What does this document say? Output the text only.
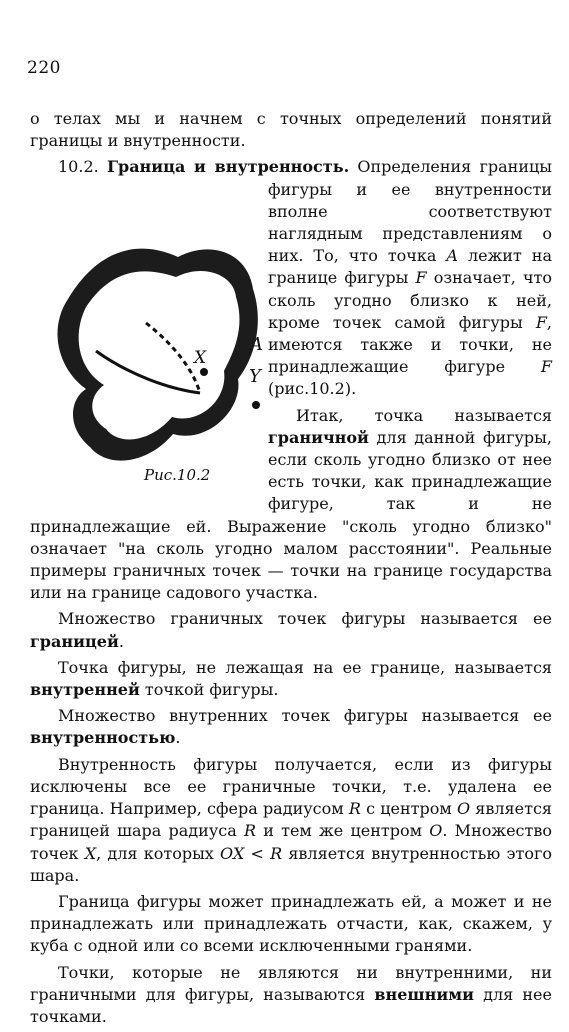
220

о телах мы и начнем с точных определений понятий границы и внутренности.

10.2. Граница и внутренность.
X
A
Y
F
Рис.10.2
Определения границы фигуры и ее внутренности вполне соответствуют наглядным представлениям о них. То, что точка A лежит на границе фигуры F означает, что сколь угодно близко к ней, кроме точек самой фигуры F, имеются также и точки, не принадлежащие фигуре F (рис.10.2).

Итак, точка называется граничной для данной фигуры, если сколь угодно близко от нее есть точки, как принадлежащие фигуре, так и не принадлежащие ей. Выражение "сколь угодно близко" означает "на сколь угодно малом расстоянии". Реальные примеры граничных точек — точки на границе государства или на границе садового участка.

Множество граничных точек фигуры называется ее границей.

Точка фигуры, не лежащая на ее границе, называется внутренней точкой фигуры.

Множество внутренних точек фигуры называется ее внутренностью.

Внутренность фигуры получается, если из фигуры исключены все ее граничные точки, т.е. удалена ее граница. Например, сфера радиусом R с центром O является границей шара радиуса R и тем же центром O. Множество точек X, для которых OX < R является внутренностью этого шара.

Граница фигуры может принадлежать ей, а может и не принадлежать или принадлежать отчасти, как, скажем, у куба с одной или со всеми исключенными гранями.

Точки, которые не являются ни внутренними, ни граничными для фигуры, называются внешними для нее точками.
